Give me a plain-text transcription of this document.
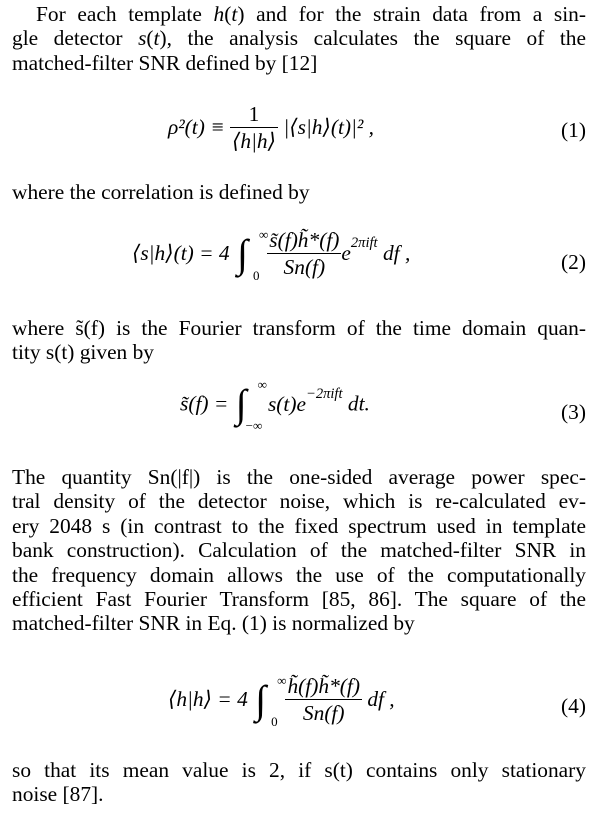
For each template h(t) and for the strain data from a sin-
gle detector s(t), the analysis calculates the square of the
matched-filter SNR defined by [12]
$\rho^2(t) \equiv \frac{1}{⟨h|h⟩}$ |⟨s|h⟩(t)|² ,	(1)
where the correlation is defined by
⟨s|h⟩(t) = 4 ∫ ∞
0
$\frac{s̃(f)h̃*(f)}{Sn(f)} e^{2\pi ift}$ df ,	(2)
where s̃(f) is the Fourier transform of the time domain quan-
tity s(t) given by
s̃(f) = ∫ ∞
−∞
$s(t)e^{-2\pi ift}$ dt.	(3)
The quantity Sn(|f|) is the one-sided average power spec-
tral density of the detector noise, which is re-calculated ev-
ery 2048 s (in contrast to the fixed spectrum used in template
bank construction). Calculation of the matched-filter SNR in
the frequency domain allows the use of the computationally
efficient Fast Fourier Transform [85, 86]. The square of the
matched-filter SNR in Eq. (1) is normalized by
⟨h|h⟩ = 4 ∫ ∞
0
$\frac{h̃(f)h̃*(f)}{Sn(f)}$ df ,	(4)
so that its mean value is 2, if s(t) contains only stationary
noise [87].
